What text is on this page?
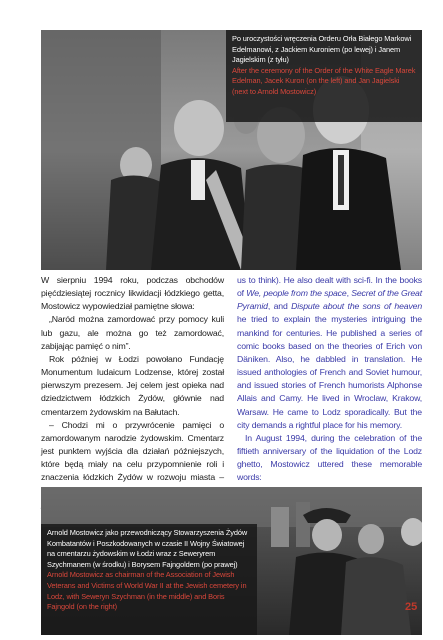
Po uroczystości wręczenia Orderu Orła Białego Markowi Edelmanowi, z Jackiem Kuroniem (po lewej) i Janem Jagielskim (z tyłu)
After the ceremony of the Order of the White Eagle Marek Edelman, Jacek Kuron (on the left) and Jan Jagielski (next to Arnold Mostowicz)

W sierpniu 1994 roku, podczas obchodów pięćdziesiątej rocznicy likwidacji łódzkiego getta, Mostowicz wypowiedział pamiętne słowa:

„Naród można zamordować przy pomocy kuli lub gazu, ale można go też zamordować, zabijając pamięć o nim”.

Rok później w Łodzi powołano Fundację Monumentum Iudaicum Lodzense, której został pierwszym prezesem. Jej celem jest opieka nad dziedzictwem łódzkich Żydów, głównie nad cmentarzem żydowskim na Bałutach.

– Chodzi mi o przywrócenie pamięci o zamordowanym narodzie żydowskim. Cmentarz jest punktem wyjścia dla działań późniejszych, które będą miały na celu przypomnienie roli i znaczenia łódzkich Żydów w rozwoju miasta –

us to think). He also dealt with sci-fi. In the books of We, people from the space, Secret of the Great Pyramid, and Dispute about the sons of heaven he tried to explain the mysteries intriguing the mankind for centuries. He published a series of comic books based on the theories of Erich von Däniken. Also, he dabbled in translation. He issued anthologies of French and Soviet humour, and issued stories of French humorists Alphonse Allais and Camy. He lived in Wroclaw, Krakow, Warsaw. He came to Lodz sporadically. But the city demands a rightful place for his memory.

In August 1994, during the celebration of the fiftieth anniversary of the liquidation of the Lodz ghetto, Mostowicz uttered these memorable words:

Arnold Mostowicz jako przewodniczący Stowarzyszenia Żydów Kombatantów i Poszkodowanych w czasie II Wojny Światowej na cmentarzu żydowskim w Łodzi wraz z Seweryrem Szychmanem (w środku) i Borysem Fajngoldem (po prawej)
Arnold Mostowicz as chairman of the Association of Jewish Veterans and Victims of World War II at the Jewish cemetery in Lodz, with Seweryn Szychman (in the middle) and Boris Fajngold (on the right)	25
